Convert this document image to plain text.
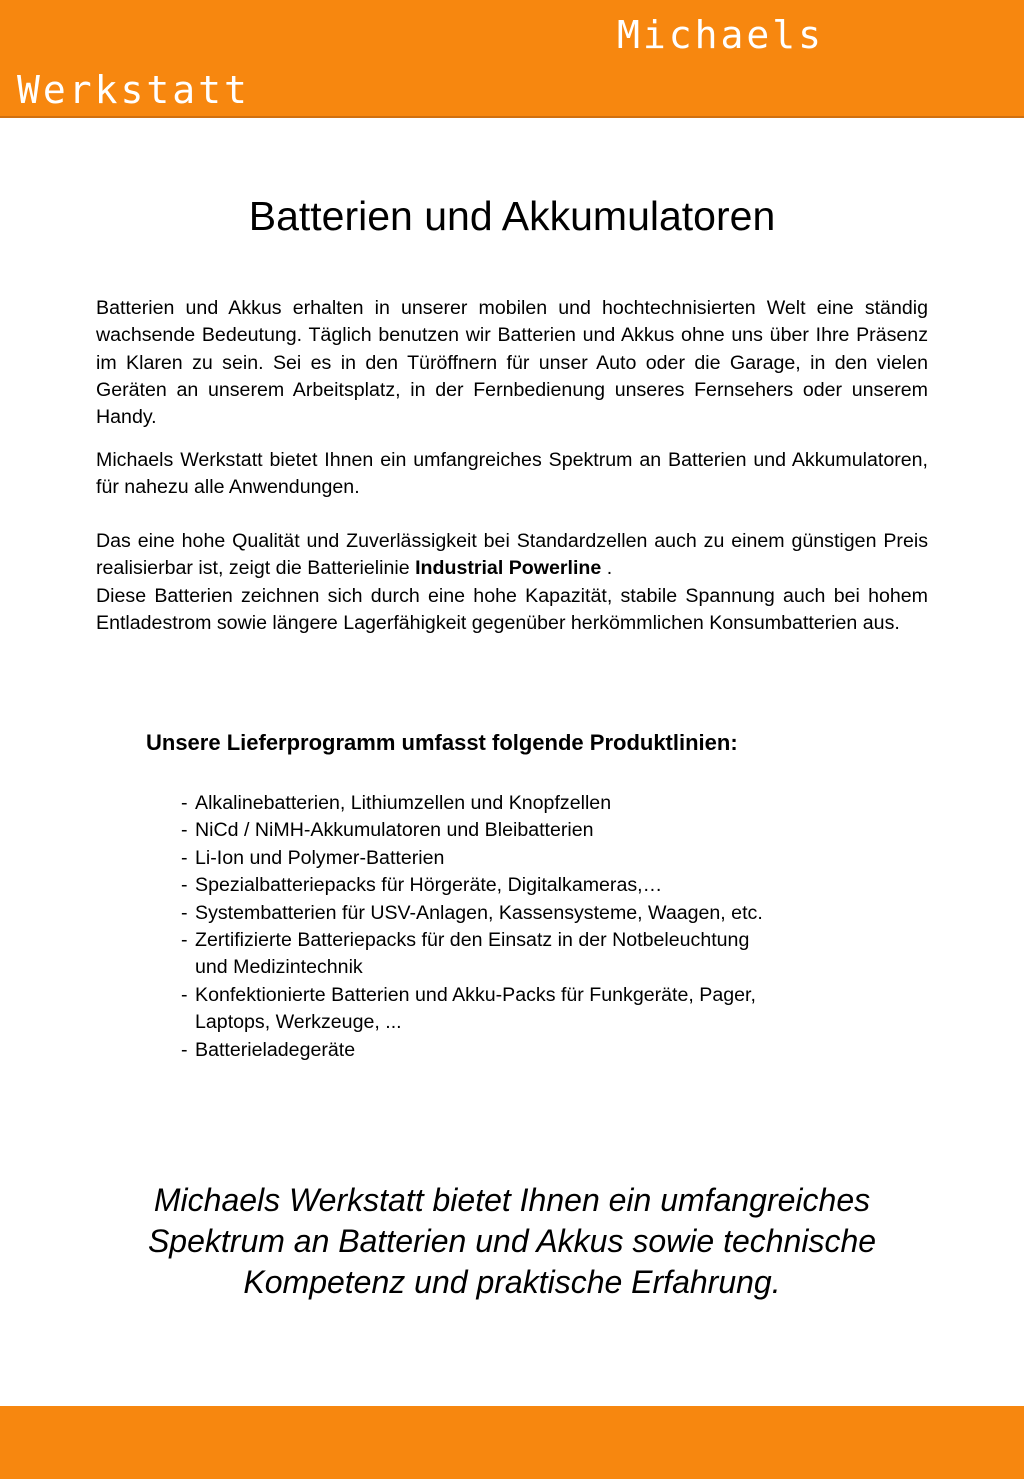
Michaels
Werkstatt
Batterien und Akkumulatoren

Batterien und Akkus erhalten in unserer mobilen und hochtechnisierten Welt eine ständig wachsende Bedeutung. Täglich benutzen wir Batterien und Akkus ohne uns über Ihre Präsenz im Klaren zu sein. Sei es in den Türöffnern für unser Auto oder die Garage, in den vielen Geräten an unserem Arbeitsplatz, in der Fernbedienung unseres Fernsehers oder unserem Handy.

Michaels Werkstatt bietet Ihnen ein umfangreiches Spektrum an Batterien und Akkumulatoren, für nahezu alle Anwendungen.

Das eine hohe Qualität und Zuverlässigkeit bei Standardzellen auch zu einem günstigen Preis realisierbar ist, zeigt die Batterielinie Industrial Powerline .

Diese Batterien zeichnen sich durch eine hohe Kapazität, stabile Spannung auch bei hohem Entladestrom sowie längere Lagerfähigkeit gegenüber herkömmlichen Konsumbatterien aus.

Unsere Lieferprogramm umfasst folgende Produktlinien:
- Alkalinebatterien, Lithiumzellen und Knopfzellen
- NiCd / NiMH-Akkumulatoren und Bleibatterien
- Li-Ion und Polymer-Batterien
- Spezialbatteriepacks für Hörgeräte, Digitalkameras,…
- Systembatterien für USV-Anlagen, Kassensysteme, Waagen, etc.
- Zertifizierte Batteriepacks für den Einsatz in der Notbeleuchtung
und Medizintechnik
- Konfektionierte Batterien und Akku-Packs für Funkgeräte, Pager,
Laptops, Werkzeuge, ...
- Batterieladegeräte

Michaels Werkstatt bietet Ihnen ein umfangreiches
Spektrum an Batterien und Akkus sowie technische
Kompetenz und praktische Erfahrung.
